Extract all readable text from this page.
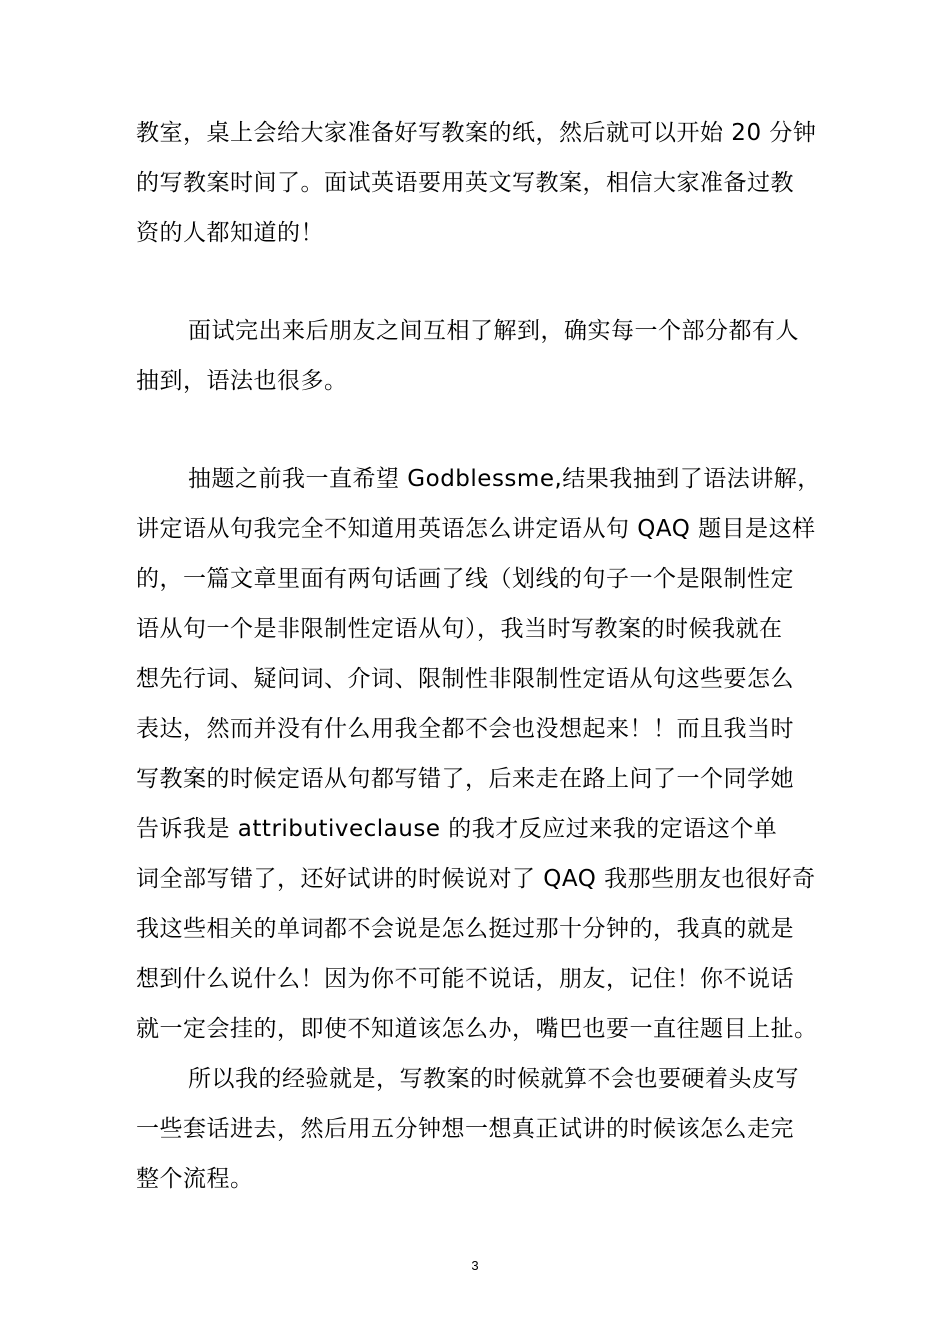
教室，桌上会给大家准备好写教案的纸，然后就可以开始 20 分钟
的写教案时间了。面试英语要用英文写教案，相信大家准备过教
资的人都知道的！
面试完出来后朋友之间互相了解到，确实每一个部分都有人
抽到，语法也很多。
抽题之前我一直希望 Godblessme,结果我抽到了语法讲解，
讲定语从句我完全不知道用英语怎么讲定语从句 QAQ 题目是这样
的，一篇文章里面有两句话画了线（划线的句子一个是限制性定
语从句一个是非限制性定语从句），我当时写教案的时候我就在
想先行词、疑问词、介词、限制性非限制性定语从句这些要怎么
表达，然而并没有什么用我全都不会也没想起来！！而且我当时
写教案的时候定语从句都写错了，后来走在路上问了一个同学她
告诉我是 attributiveclause 的我才反应过来我的定语这个单
词全部写错了，还好试讲的时候说对了 QAQ 我那些朋友也很好奇
我这些相关的单词都不会说是怎么挺过那十分钟的，我真的就是
想到什么说什么！因为你不可能不说话，朋友，记住！你不说话
就一定会挂的，即使不知道该怎么办，嘴巴也要一直往题目上扯。
所以我的经验就是，写教案的时候就算不会也要硬着头皮写
一些套话进去，然后用五分钟想一想真正试讲的时候该怎么走完
整个流程。
3
